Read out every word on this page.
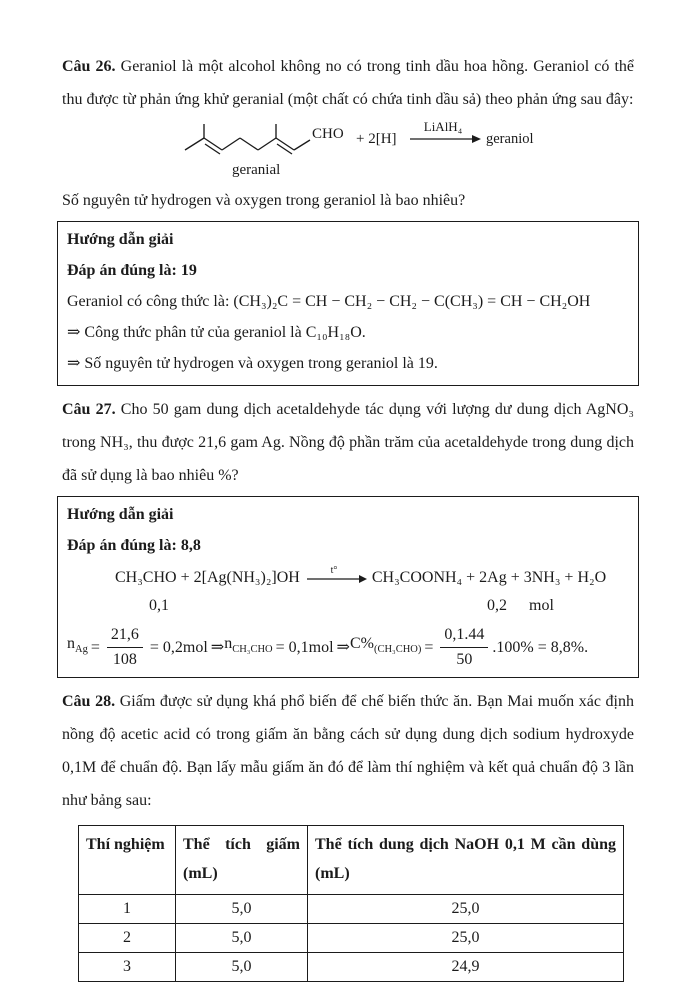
Câu 26. Geraniol là một alcohol không no có trong tinh dầu hoa hồng. Geraniol có thể thu được từ phản ứng khử geranial (một chất có chứa tinh dầu sả) theo phản ứng sau đây:

CHO + 2[H]
LiAlH₄
geraniol
geranial

Số nguyên tử hydrogen và oxygen trong geraniol là bao nhiêu?

Hướng dẫn giải

Đáp án đúng là: 19

Geraniol có công thức là: (CH₃)₂C = CH − CH₂ − CH₂ − C(CH₃) = CH − CH₂OH

⇒ Công thức phân tử của geraniol là C₁₀H₁₈O.

⇒ Số nguyên tử hydrogen và oxygen trong geraniol là 19.

Câu 27. Cho 50 gam dung dịch acetaldehyde tác dụng với lượng dư dung dịch AgNO₃ trong NH₃, thu được 21,6 gam Ag. Nồng độ phần trăm của acetaldehyde trong dung dịch đã sử dụng là bao nhiêu %?

Hướng dẫn giải

Đáp án đúng là: 8,8

CH₃CHO + 2[Ag(NH₃)₂]OH	t° CH₃COONH₄ + 2Ag + 3NH₃ + H₂O
0,1	0,2 mol
$n_{Ag} = \frac{21,6}{108} = 0,2mol$ ⇒ $n_{CH_3CHO} = 0,1mol$ ⇒ $C\%_{(CH_3CHO)} = \frac{0,1.44}{50} .100\% = 8,8\%$.

Câu 28. Giấm được sử dụng khá phổ biến để chế biến thức ăn. Bạn Mai muốn xác định nồng độ acetic acid có trong giấm ăn bằng cách sử dụng dung dịch sodium hydroxyde 0,1M để chuẩn độ. Bạn lấy mẫu giấm ăn đó để làm thí nghiệm và kết quả chuẩn độ 3 lần như bảng sau:

Thí nghiệm	Thể tích giấm (mL)	Thể tích dung dịch NaOH 0,1 M cần dùng (mL)
1	5,0	25,0
2	5,0	25,0
3	5,0	24,9
